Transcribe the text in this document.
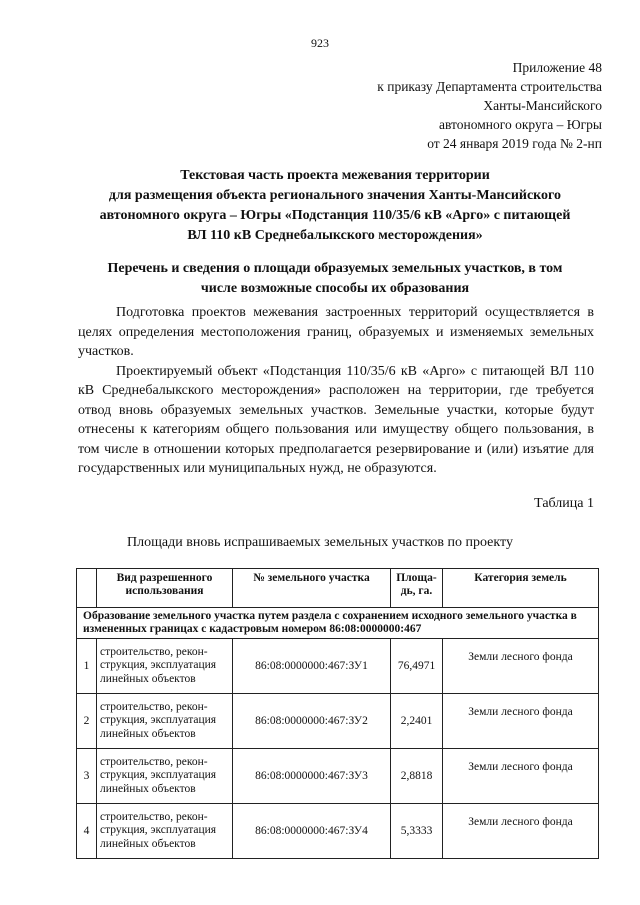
923
Приложение 48
к приказу Департамента строительства
Ханты-Мансийского
автономного округа – Югры
от 24 января 2019 года № 2-нп
Текстовая часть проекта межевания территории
для размещения объекта регионального значения Ханты-Мансийского
автономного округа – Югры «Подстанция 110/35/6 кВ «Арго» с питающей
ВЛ 110 кВ Среднебалыкского месторождения»
Перечень и сведения о площади образуемых земельных участков, в том
числе возможные способы их образования

Подготовка проектов межевания застроенных территорий осуществляется в целях определения местоположения границ, образуемых и изменяемых земельных участков.

Проектируемый объект «Подстанция 110/35/6 кВ «Арго» с питающей ВЛ 110 кВ Среднебалыкского месторождения» расположен на территории, где требуется отвод вновь образуемых земельных участков. Земельные участки, которые будут отнесены к категориям общего пользования или имуществу общего пользования, в том числе в отношении которых предполагается резервирование и (или) изъятие для государственных или муниципальных нужд, не образуются.

Таблица 1
Площади вновь испрашиваемых земельных участков по проекту
	Вид разрешенного использования	№ земельного участка	Площадь, га.	Категория земель
Образование земельного участка путем раздела с сохранением исходного земельного участка в измененных границах с кадастровым номером 86:08:0000000:467				
1	строительство, реконструкция, эксплуатация линейных объектов	86:08:0000000:467:ЗУ1	76,4971	Земли лесного фонда
2	строительство, реконструкция, эксплуатация линейных объектов	86:08:0000000:467:ЗУ2	2,2401	Земли лесного фонда
3	строительство, реконструкция, эксплуатация линейных объектов	86:08:0000000:467:ЗУ3	2,8818	Земли лесного фонда
4	строительство, реконструкция, эксплуатация линейных объектов	86:08:0000000:467:ЗУ4	5,3333	Земли лесного фонда
